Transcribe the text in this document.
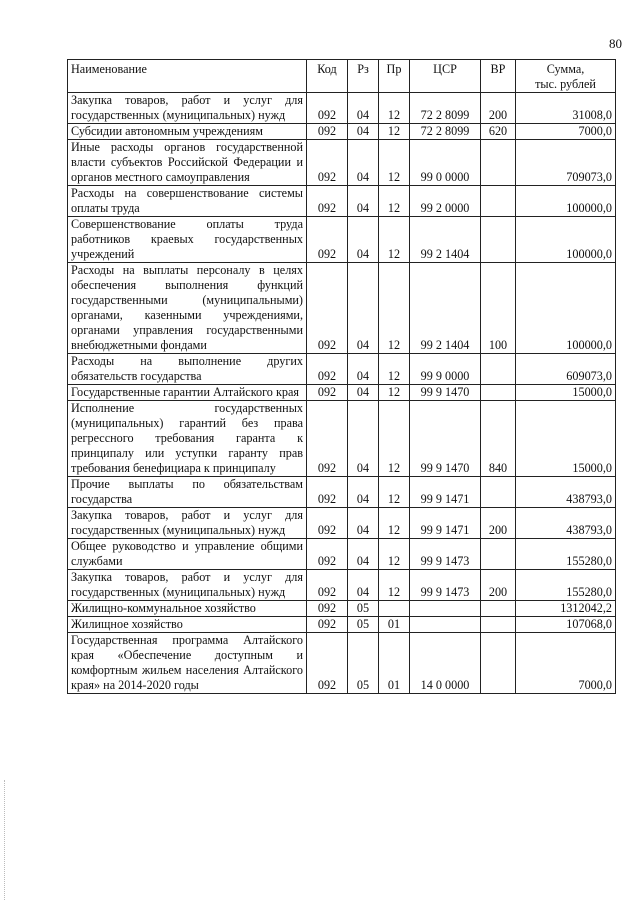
80
Наименование	Код	Рз	Пр	ЦСР	ВР	Сумма,
тыс. рублей
Закупка товаров, работ и услуг для государственных (муниципальных) нужд	092	04	12	72 2 8099	200	31008,0
Субсидии автономным учреждениям	092	04	12	72 2 8099	620	7000,0
Иные расходы органов государственной власти субъектов Российской Федерации и органов местного самоуправления	092	04	12	99 0 0000		709073,0
Расходы на совершенствование системы оплаты труда	092	04	12	99 2 0000		100000,0
Совершенствование оплаты труда работников краевых государственных учреждений	092	04	12	99 2 1404		100000,0
Расходы на выплаты персоналу в целях обеспечения выполнения функций государственными (муниципальными) органами, казенными учреждениями, органами управления государственными внебюджетными фондами	092	04	12	99 2 1404	100	100000,0
Расходы на выполнение других обязательств государства	092	04	12	99 9 0000		609073,0
Государственные гарантии Алтайского края	092	04	12	99 9 1470		15000,0
Исполнение государственных (муниципальных) гарантий без права регрессного требования гаранта к принципалу или уступки гаранту прав требования бенефициара к принципалу	092	04	12	99 9 1470	840	15000,0
Прочие выплаты по обязательствам государства	092	04	12	99 9 1471		438793,0
Закупка товаров, работ и услуг для государственных (муниципальных) нужд	092	04	12	99 9 1471	200	438793,0
Общее руководство и управление общими службами	092	04	12	99 9 1473		155280,0
Закупка товаров, работ и услуг для государственных (муниципальных) нужд	092	04	12	99 9 1473	200	155280,0
Жилищно-коммунальное хозяйство	092	05				1312042,2
Жилищное хозяйство	092	05	01			107068,0
Государственная программа Алтайского края «Обеспечение доступным и комфортным жильем населения Алтайского края» на 2014-2020 годы	092	05	01	14 0 0000		7000,0
